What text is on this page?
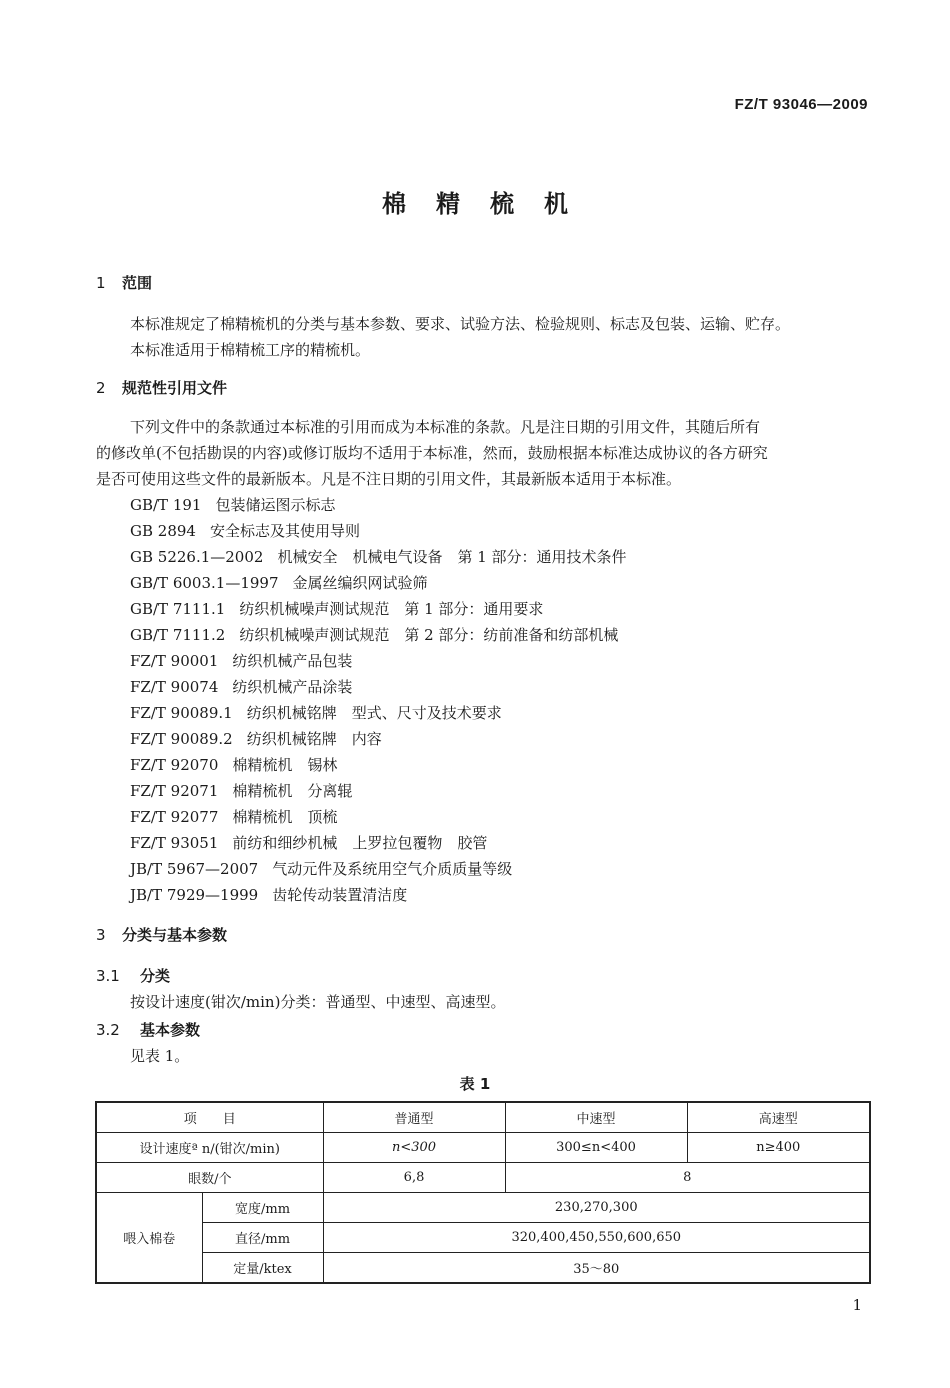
FZ/T 93046—2009
棉精梳机
1 范围
本标准规定了棉精梳机的分类与基本参数、要求、试验方法、检验规则、标志及包装、运输、贮存。
本标准适用于棉精梳工序的精梳机。
2 规范性引用文件
下列文件中的条款通过本标准的引用而成为本标准的条款。凡是注日期的引用文件，其随后所有
的修改单(不包括勘误的内容)或修订版均不适用于本标准，然而，鼓励根据本标准达成协议的各方研究
是否可使用这些文件的最新版本。凡是不注日期的引用文件，其最新版本适用于本标准。
GB/T 191 包装储运图示标志
GB 2894 安全标志及其使用导则
GB 5226.1—2002 机械安全　机械电气设备　第 1 部分：通用技术条件
GB/T 6003.1—1997 金属丝编织网试验筛
GB/T 7111.1 纺织机械噪声测试规范　第 1 部分：通用要求
GB/T 7111.2 纺织机械噪声测试规范　第 2 部分：纺前准备和纺部机械
FZ/T 90001 纺织机械产品包装
FZ/T 90074 纺织机械产品涂装
FZ/T 90089.1 纺织机械铭牌　型式、尺寸及技术要求
FZ/T 90089.2 纺织机械铭牌　内容
FZ/T 92070 棉精梳机　锡林
FZ/T 92071 棉精梳机　分离辊
FZ/T 92077 棉精梳机　顶梳
FZ/T 93051 前纺和细纱机械　上罗拉包覆物　胶管
JB/T 5967—2007 气动元件及系统用空气介质质量等级
JB/T 7929—1999 齿轮传动装置清洁度
3 分类与基本参数
3.1 分类
按设计速度(钳次/min)分类：普通型、中速型、高速型。
3.2 基本参数
见表 1。
表 1
项　　目		普通型	中速型	高速型
设计速度ª n/(钳次/min)		n<300	300≤n<400	n≥400
眼数/个		6,8	8	
喂入棉卷	宽度/mm	230,270,300		
	直径/mm	320,400,450,550,600,650		
	定量/ktex	35～80		
1
